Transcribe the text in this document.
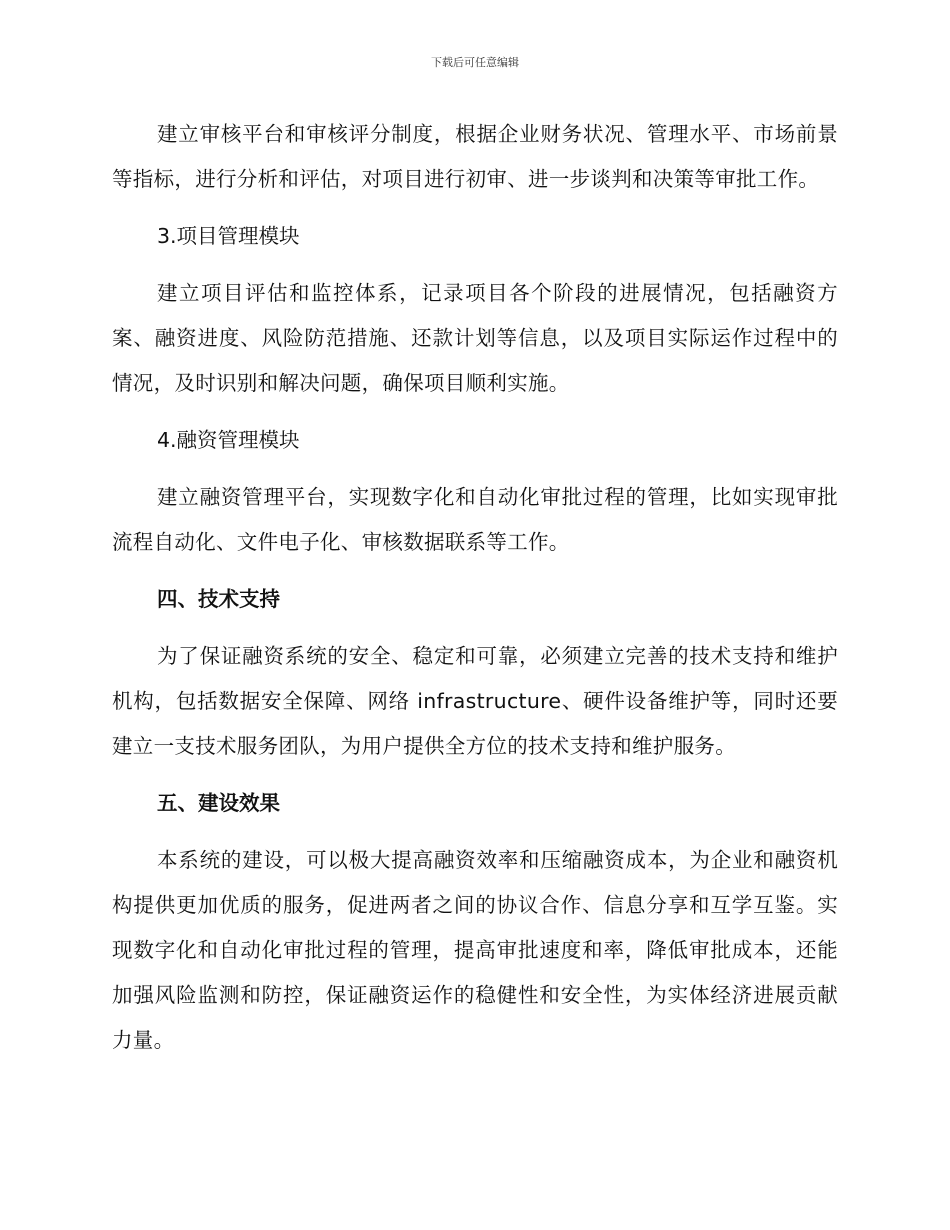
下载后可任意编辑

建立审核平台和审核评分制度，根据企业财务状况、管理水平、市场前景等指标，进行分析和评估，对项目进行初审、进一步谈判和决策等审批工作。

3.项目管理模块

建立项目评估和监控体系，记录项目各个阶段的进展情况，包括融资方案、融资进度、风险防范措施、还款计划等信息，以及项目实际运作过程中的情况，及时识别和解决问题，确保项目顺利实施。

4.融资管理模块

建立融资管理平台，实现数字化和自动化审批过程的管理，比如实现审批流程自动化、文件电子化、审核数据联系等工作。

四、技术支持

为了保证融资系统的安全、稳定和可靠，必须建立完善的技术支持和维护机构，包括数据安全保障、网络 infrastructure、硬件设备维护等，同时还要建立一支技术服务团队，为用户提供全方位的技术支持和维护服务。

五、建设效果

本系统的建设，可以极大提高融资效率和压缩融资成本，为企业和融资机构提供更加优质的服务，促进两者之间的协议合作、信息分享和互学互鉴。实现数字化和自动化审批过程的管理，提高审批速度和率，降低审批成本，还能加强风险监测和防控，保证融资运作的稳健性和安全性，为实体经济进展贡献力量。
